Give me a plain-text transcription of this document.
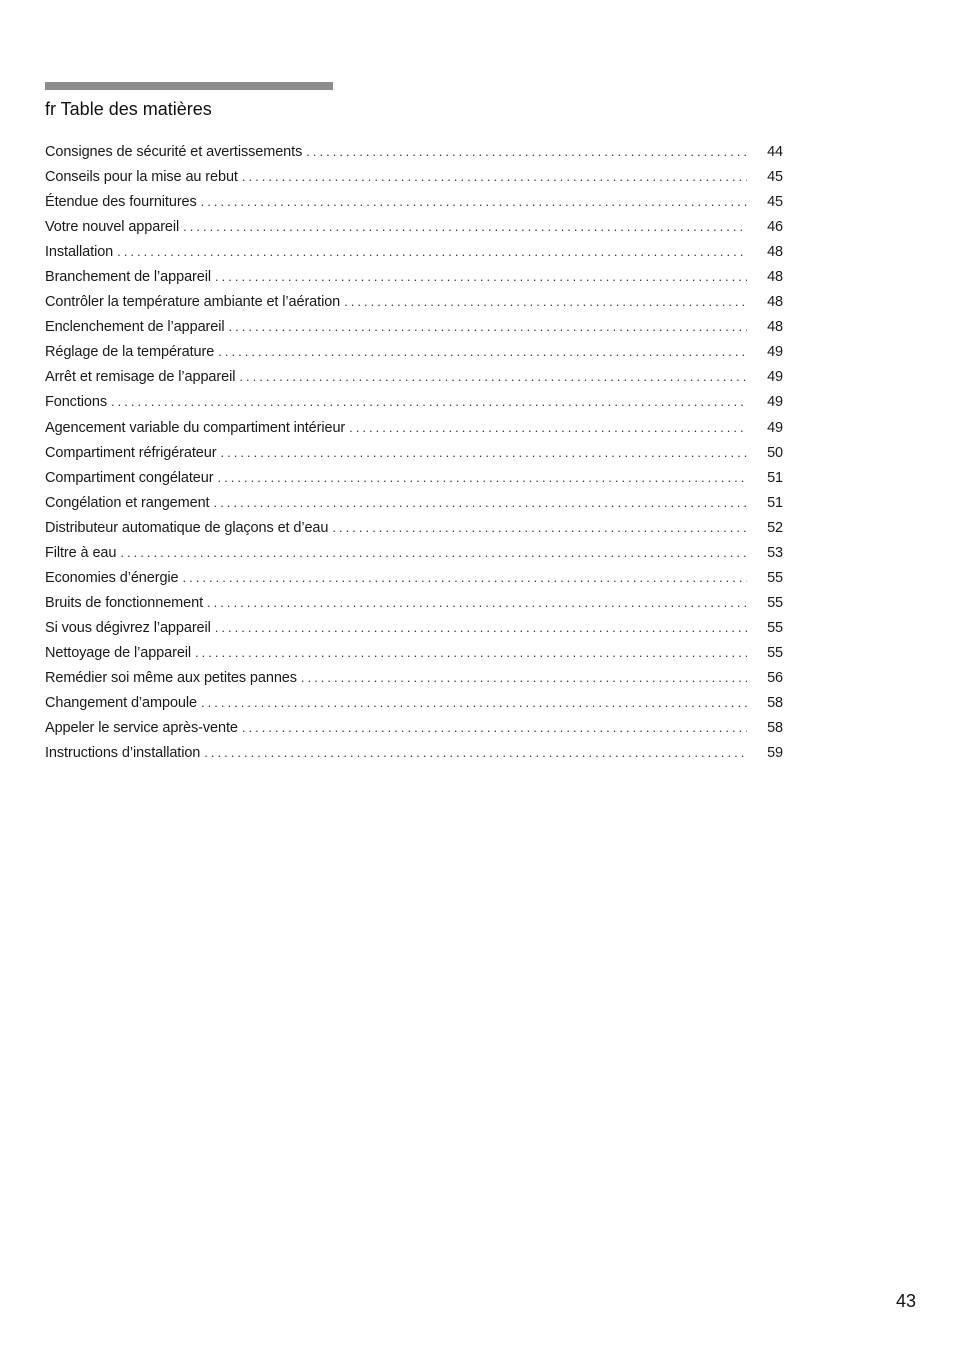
fr Table des matières
Consignes de sécurité et avertissements . . .	44
Conseils pour la mise au rebut . . .	45
Étendue des fournitures . . .	45
Votre nouvel appareil . . .	46
Installation . . .	48
Branchement de l’appareil . . .	48
Contrôler la température ambiante et l’aération . . .	48
Enclenchement de l’appareil . . .	48
Réglage de la température . . .	49
Arrêt et remisage de l’appareil . . .	49
Fonctions . . .	49
Agencement variable du compartiment intérieur . . .	49
Compartiment réfrigérateur . . .	50
Compartiment congélateur . . .	51
Congélation et rangement . . .	51
Distributeur automatique de glaçons et d’eau . . .	52
Filtre à eau . . .	53
Economies d’énergie . . .	55
Bruits de fonctionnement . . .	55
Si vous dégivrez l’appareil . . .	55
Nettoyage de l’appareil . . .	55
Remédier soi même aux petites pannes . . .	56
Changement d’ampoule . . .	58
Appeler le service après-vente . . .	58
Instructions d’installation . . .	59
43
